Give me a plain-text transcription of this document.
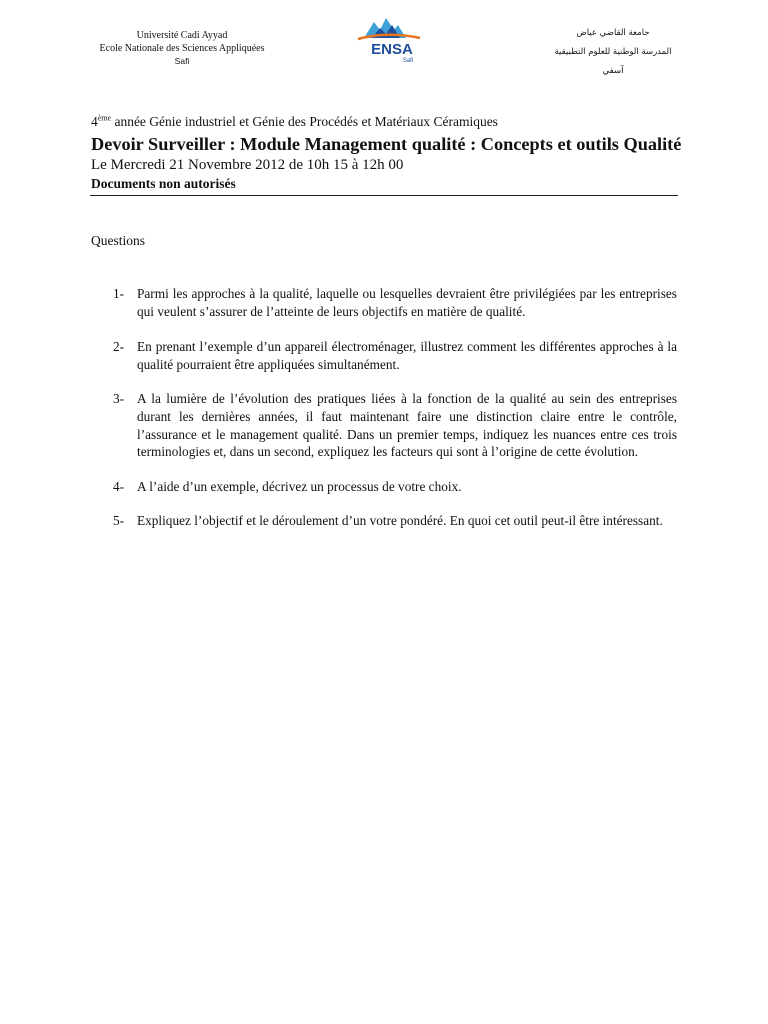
Université Cadi Ayyad
Ecole Nationale des Sciences Appliquées
Safi
ENSA
Safi
جامعة القاضي عياض
المدرسة الوطنية للعلوم التطبيقية
آسفي
4ème année Génie industriel et Génie des Procédés et Matériaux Céramiques
Devoir Surveiller : Module Management qualité : Concepts et outils Qualité
Le Mercredi 21 Novembre 2012 de 10h 15 à 12h 00
Documents non autorisés
Questions

1- Parmi les approches à la qualité, laquelle ou lesquelles devraient être privilégiées par les entreprises qui veulent s’assurer de l’atteinte de leurs objectifs en matière de qualité.

2- En prenant l’exemple d’un appareil électroménager, illustrez comment les différentes approches à la qualité pourraient être appliquées simultanément.

3- A la lumière de l’évolution des pratiques liées à la fonction de la qualité au sein des entreprises durant les dernières années, il faut maintenant faire une distinction claire entre le contrôle, l’assurance et le management qualité. Dans un premier temps, indiquez les nuances entre ces trois terminologies et, dans un second, expliquez les facteurs qui sont à l’origine de cette évolution.

4- A l’aide d’un exemple, décrivez un processus de votre choix.

5- Expliquez l’objectif et le déroulement d’un votre pondéré. En quoi cet outil peut-il être intéressant.
